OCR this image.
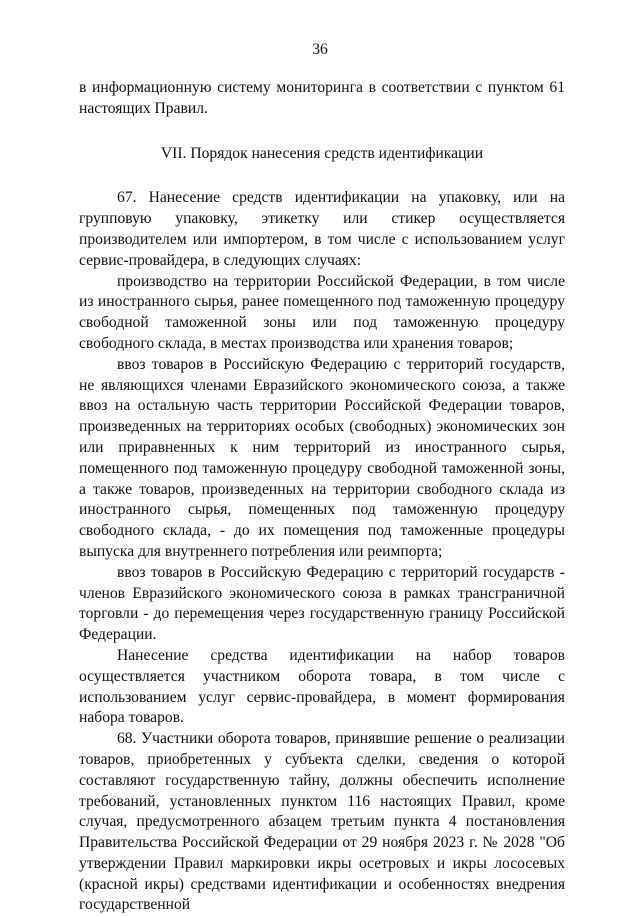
36

в информационную систему мониторинга в соответствии с пунктом 61 настоящих Правил.

VII. Порядок нанесения средств идентификации

67. Нанесение средств идентификации на упаковку, или на групповую упаковку, этикетку или стикер осуществляется производителем или импортером, в том числе с использованием услуг сервис-провайдера, в следующих случаях:

производство на территории Российской Федерации, в том числе из иностранного сырья, ранее помещенного под таможенную процедуру свободной таможенной зоны или под таможенную процедуру свободного склада, в местах производства или хранения товаров;

ввоз товаров в Российскую Федерацию с территорий государств, не являющихся членами Евразийского экономического союза, а также ввоз на остальную часть территории Российской Федерации товаров, произведенных на территориях особых (свободных) экономических зон или приравненных к ним территорий из иностранного сырья, помещенного под таможенную процедуру свободной таможенной зоны, а также товаров, произведенных на территории свободного склада из иностранного сырья, помещенных под таможенную процедуру свободного склада, - до их помещения под таможенные процедуры выпуска для внутреннего потребления или реимпорта;

ввоз товаров в Российскую Федерацию с территорий государств - членов Евразийского экономического союза в рамках трансграничной торговли - до перемещения через государственную границу Российской Федерации.

Нанесение средства идентификации на набор товаров осуществляется участником оборота товара, в том числе с использованием услуг сервис-провайдера, в момент формирования набора товаров.

68. Участники оборота товаров, принявшие решение о реализации товаров, приобретенных у субъекта сделки, сведения о которой составляют государственную тайну, должны обеспечить исполнение требований, установленных пунктом 116 настоящих Правил, кроме случая, предусмотренного абзацем третьим пункта 4 постановления Правительства Российской Федерации от 29 ноября 2023 г. № 2028 "Об утверждении Правил маркировки икры осетровых и икры лососевых (красной икры) средствами идентификации и особенностях внедрения государственной
